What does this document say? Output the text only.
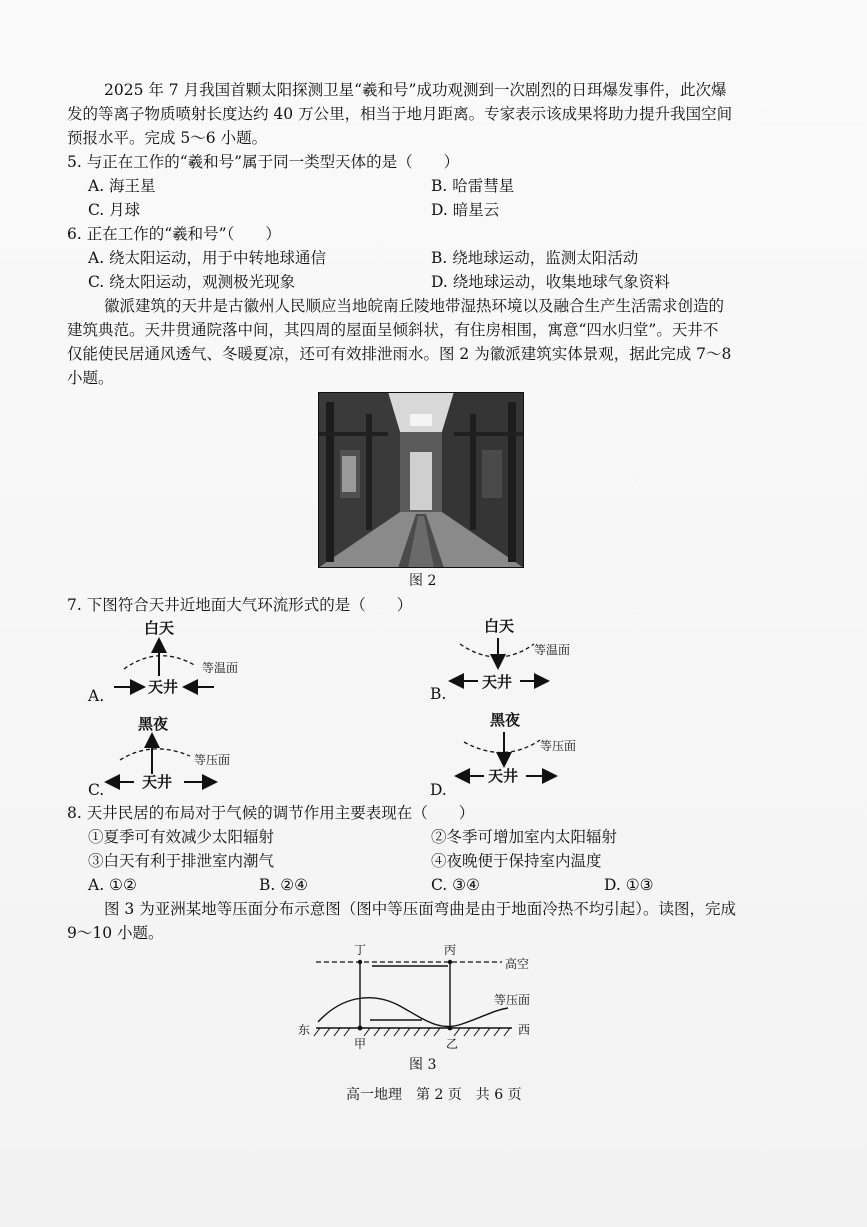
2025 年 7 月我国首颗太阳探测卫星“羲和号”成功观测到一次剧烈的日珥爆发事件，此次爆
发的等离子物质喷射长度达约 40 万公里，相当于地月距离。专家表示该成果将助力提升我国空间
预报水平。完成 5～6 小题。
5. 与正在工作的“羲和号”属于同一类型天体的是（　　）
A. 海王星	B. 哈雷彗星
C. 月球	D. 暗星云
6. 正在工作的“羲和号”（　　）
A. 绕太阳运动，用于中转地球通信	B. 绕地球运动，监测太阳活动
C. 绕太阳运动，观测极光现象	D. 绕地球运动，收集地球气象资料
徽派建筑的天井是古徽州人民顺应当地皖南丘陵地带湿热环境以及融合生产生活需求创造的
建筑典范。天井贯通院落中间，其四周的屋面呈倾斜状，有住房相围，寓意“四水归堂”。天井不
仅能使民居通风透气、冬暖夏凉，还可有效排泄雨水。图 2 为徽派建筑实体景观，据此完成 7～8
小题。
图 2
7. 下图符合天井近地面大气环流形式的是（　　）
白天
等温面
天井
A.
白天
等温面
天井
B.
黑夜
等压面
天井
C.
黑夜
等压面
天井
D.
8. 天井民居的布局对于气候的调节作用主要表现在（　　）
①夏季可有效减少太阳辐射	②冬季可增加室内太阳辐射
③白天有利于排泄室内潮气	④夜晚便于保持室内温度
A. ①②	B. ②④	C. ③④	D. ①③
图 3 为亚洲某地等压面分布示意图（图中等压面弯曲是由于地面冷热不均引起）。读图，完成
9～10 小题。
丁	丙
高空
等压面
东	西
甲	乙
图 3
高一地理　第 2 页　共 6 页
